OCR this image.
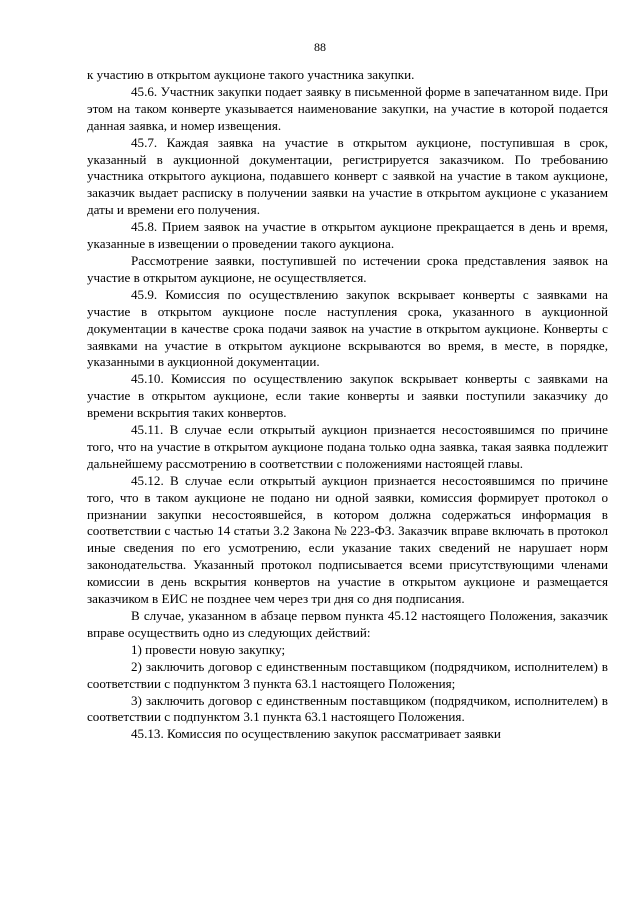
88

к участию в открытом аукционе такого участника закупки.

45.6. Участник закупки подает заявку в письменной форме в запечатанном виде. При этом на таком конверте указывается наименование закупки, на участие в которой подается данная заявка, и номер извещения.

45.7. Каждая заявка на участие в открытом аукционе, поступившая в срок, указанный в аукционной документации, регистрируется заказчиком. По требованию участника открытого аукциона, подавшего конверт с заявкой на участие в таком аукционе, заказчик выдает расписку в получении заявки на участие в открытом аукционе с указанием даты и времени его получения.

45.8. Прием заявок на участие в открытом аукционе прекращается в день и время, указанные в извещении о проведении такого аукциона.

Рассмотрение заявки, поступившей по истечении срока представления заявок на участие в открытом аукционе, не осуществляется.

45.9. Комиссия по осуществлению закупок вскрывает конверты с заявками на участие в открытом аукционе после наступления срока, указанного в аукционной документации в качестве срока подачи заявок на участие в открытом аукционе. Конверты с заявками на участие в открытом аукционе вскрываются во время, в месте, в порядке, указанными в аукционной документации.

45.10. Комиссия по осуществлению закупок вскрывает конверты с заявками на участие в открытом аукционе, если такие конверты и заявки поступили заказчику до времени вскрытия таких конвертов.

45.11. В случае если открытый аукцион признается несостоявшимся по причине того, что на участие в открытом аукционе подана только одна заявка, такая заявка подлежит дальнейшему рассмотрению в соответствии с положениями настоящей главы.

45.12. В случае если открытый аукцион признается несостоявшимся по причине того, что в таком аукционе не подано ни одной заявки, комиссия формирует протокол о признании закупки несостоявшейся, в котором должна содержаться информация в соответствии с частью 14 статьи 3.2 Закона № 223-ФЗ. Заказчик вправе включать в протокол иные сведения по его усмотрению, если указание таких сведений не нарушает норм законодательства. Указанный протокол подписывается всеми присутствующими членами комиссии в день вскрытия конвертов на участие в открытом аукционе и размещается заказчиком в ЕИС не позднее чем через три дня со дня подписания.

В случае, указанном в абзаце первом пункта 45.12 настоящего Положения, заказчик вправе осуществить одно из следующих действий:

1) провести новую закупку;

2) заключить договор с единственным поставщиком (подрядчиком, исполнителем) в соответствии с подпунктом 3 пункта 63.1 настоящего Положения;

3) заключить договор с единственным поставщиком (подрядчиком, исполнителем) в соответствии с подпунктом 3.1 пункта 63.1 настоящего Положения.

45.13. Комиссия по осуществлению закупок рассматривает заявки
